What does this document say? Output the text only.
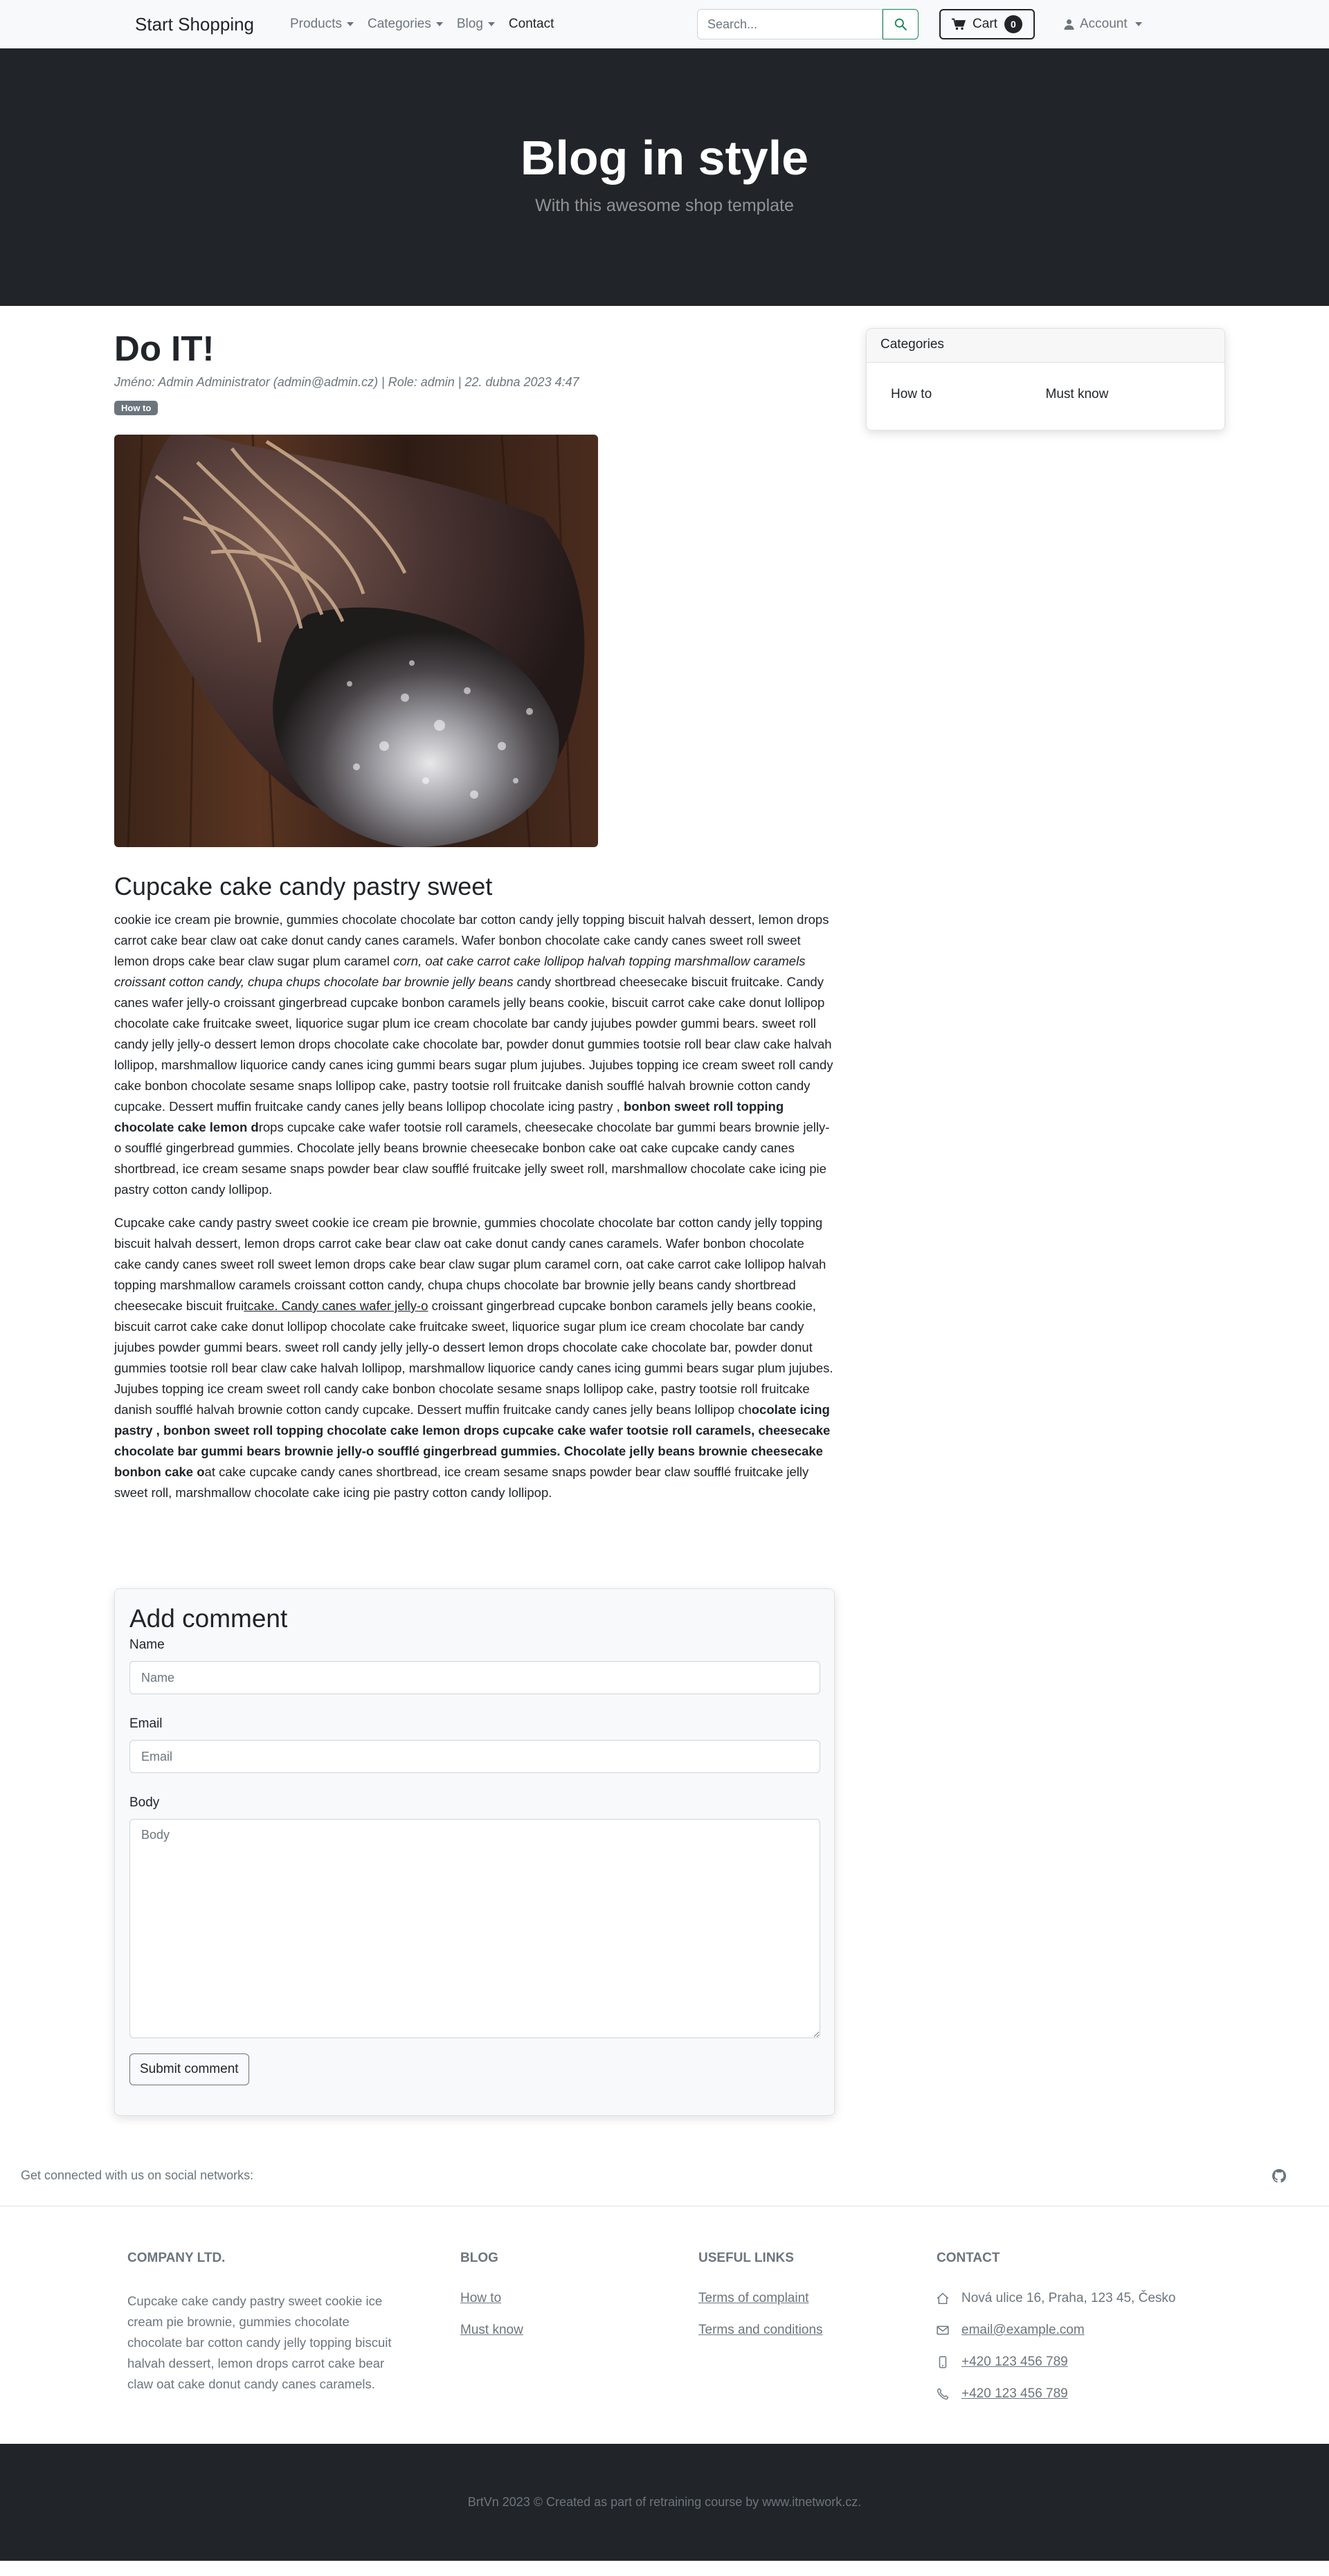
Start Shopping	Products Categories Blog Contact
Search...	Cart	0	Account
Blog in style

With this awesome shop template

Do IT!
Jméno: Admin Administrator (admin@admin.cz) | Role: admin | 22. dubna 2023 4:47
How to
Cupcake cake candy pastry sweet

cookie ice cream pie brownie, gummies chocolate chocolate bar cotton candy jelly topping biscuit halvah dessert, lemon drops carrot cake bear claw oat cake donut candy canes caramels. Wafer bonbon chocolate cake candy canes sweet roll sweet lemon drops cake bear claw sugar plum caramel corn, oat cake carrot cake lollipop halvah topping marshmallow caramels croissant cotton candy, chupa chups chocolate bar brownie jelly beans candy shortbread cheesecake biscuit fruitcake. Candy canes wafer jelly-o croissant gingerbread cupcake bonbon caramels jelly beans cookie, biscuit carrot cake cake donut lollipop chocolate cake fruitcake sweet, liquorice sugar plum ice cream chocolate bar candy jujubes powder gummi bears. sweet roll candy jelly jelly-o dessert lemon drops chocolate cake chocolate bar, powder donut gummies tootsie roll bear claw cake halvah lollipop, marshmallow liquorice candy canes icing gummi bears sugar plum jujubes. Jujubes topping ice cream sweet roll candy cake bonbon chocolate sesame snaps lollipop cake, pastry tootsie roll fruitcake danish soufflé halvah brownie cotton candy cupcake. Dessert muffin fruitcake candy canes jelly beans lollipop chocolate icing pastry , bonbon sweet roll topping chocolate cake lemon drops cupcake cake wafer tootsie roll caramels, cheesecake chocolate bar gummi bears brownie jelly-o soufflé gingerbread gummies. Chocolate jelly beans brownie cheesecake bonbon cake oat cake cupcake candy canes shortbread, ice cream sesame snaps powder bear claw soufflé fruitcake jelly sweet roll, marshmallow chocolate cake icing pie pastry cotton candy lollipop.

Cupcake cake candy pastry sweet cookie ice cream pie brownie, gummies chocolate chocolate bar cotton candy jelly topping biscuit halvah dessert, lemon drops carrot cake bear claw oat cake donut candy canes caramels. Wafer bonbon chocolate cake candy canes sweet roll sweet lemon drops cake bear claw sugar plum caramel corn, oat cake carrot cake lollipop halvah topping marshmallow caramels croissant cotton candy, chupa chups chocolate bar brownie jelly beans candy shortbread cheesecake biscuit fruitcake. Candy canes wafer jelly-o croissant gingerbread cupcake bonbon caramels jelly beans cookie, biscuit carrot cake cake donut lollipop chocolate cake fruitcake sweet, liquorice sugar plum ice cream chocolate bar candy jujubes powder gummi bears. sweet roll candy jelly jelly-o dessert lemon drops chocolate cake chocolate bar, powder donut gummies tootsie roll bear claw cake halvah lollipop, marshmallow liquorice candy canes icing gummi bears sugar plum jujubes. Jujubes topping ice cream sweet roll candy cake bonbon chocolate sesame snaps lollipop cake, pastry tootsie roll fruitcake danish soufflé halvah brownie cotton candy cupcake. Dessert muffin fruitcake candy canes jelly beans lollipop chocolate icing pastry , bonbon sweet roll topping chocolate cake lemon drops cupcake cake wafer tootsie roll caramels, cheesecake chocolate bar gummi bears brownie jelly-o soufflé gingerbread gummies. Chocolate jelly beans brownie cheesecake bonbon cake oat cake cupcake candy canes shortbread, ice cream sesame snaps powder bear claw soufflé fruitcake jelly sweet roll, marshmallow chocolate cake icing pie pastry cotton candy lollipop.

Add comment
Name
Name
Email
Email
Body
Body Submit comment
Categories
How to	Must know
Get connected with us on social networks:
COMPANY LTD.

Cupcake cake candy pastry sweet cookie ice cream pie brownie, gummies chocolate chocolate bar cotton candy jelly topping biscuit halvah dessert, lemon drops carrot cake bear claw oat cake donut candy canes caramels.

BLOG
How to
Must know
USEFUL LINKS
Terms of complaint
Terms and conditions
CONTACT
Nová ulice 16, Praha, 123 45, Česko
email@example.com
+420 123 456 789
+420 123 456 789
BrtVn 2023 © Created as part of retraining course by www.itnetwork.cz.
